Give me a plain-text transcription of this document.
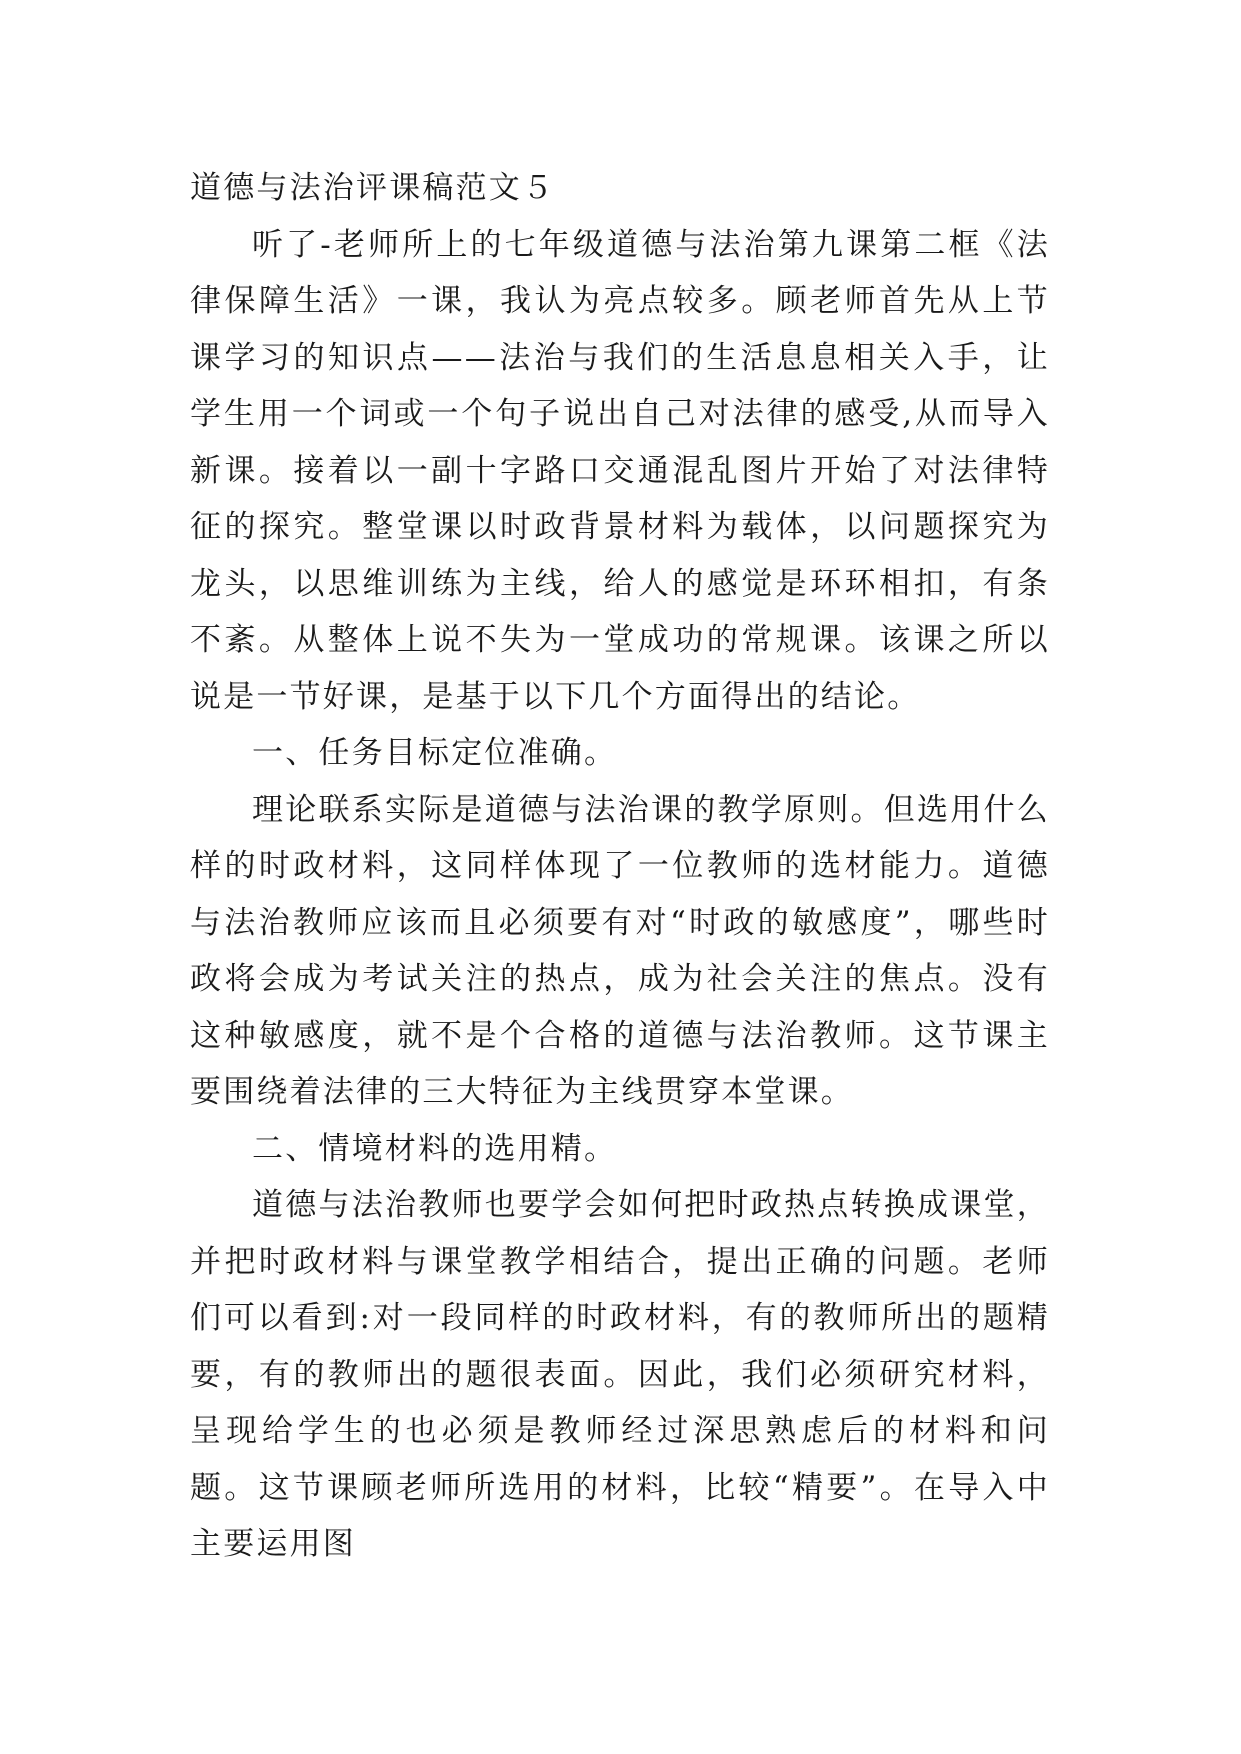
道德与法治评课稿范文５

听了-老师所上的七年级道德与法治第九课第二框《法律保障生活》一课，我认为亮点较多。顾老师首先从上节课学习的知识点——法治与我们的生活息息相关入手，让学生用一个词或一个句子说出自己对法律的感受,从而导入新课。接着以一副十字路口交通混乱图片开始了对法律特征的探究。整堂课以时政背景材料为载体，以问题探究为龙头，以思维训练为主线，给人的感觉是环环相扣，有条不紊。从整体上说不失为一堂成功的常规课。该课之所以说是一节好课，是基于以下几个方面得出的结论。

一、任务目标定位准确。

理论联系实际是道德与法治课的教学原则。但选用什么样的时政材料，这同样体现了一位教师的选材能力。道德与法治教师应该而且必须要有对“时政的敏感度”，哪些时政将会成为考试关注的热点，成为社会关注的焦点。没有这种敏感度，就不是个合格的道德与法治教师。这节课主要围绕着法律的三大特征为主线贯穿本堂课。

二、情境材料的选用精。

道德与法治教师也要学会如何把时政热点转换成课堂，并把时政材料与课堂教学相结合，提出正确的问题。老师们可以看到:对一段同样的时政材料，有的教师所出的题精要，有的教师出的题很表面。因此，我们必须研究材料，呈现给学生的也必须是教师经过深思熟虑后的材料和问题。这节课顾老师所选用的材料，比较“精要”。在导入中主要运用图
